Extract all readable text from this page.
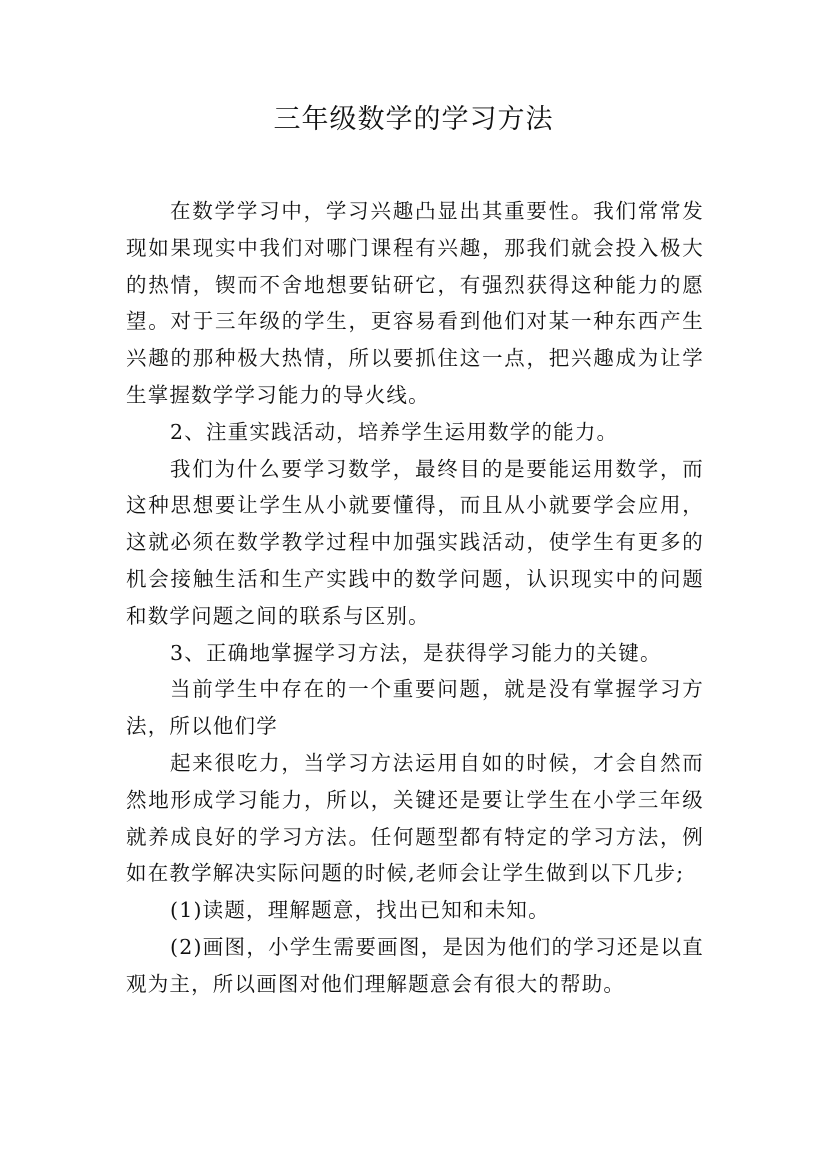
三年级数学的学习方法

在数学学习中，学习兴趣凸显出其重要性。我们常常发现如果现实中我们对哪门课程有兴趣，那我们就会投入极大的热情，锲而不舍地想要钻研它，有强烈获得这种能力的愿望。对于三年级的学生，更容易看到他们对某一种东西产生兴趣的那种极大热情，所以要抓住这一点，把兴趣成为让学生掌握数学学习能力的导火线。

2、注重实践活动，培养学生运用数学的能力。

我们为什么要学习数学，最终目的是要能运用数学，而这种思想要让学生从小就要懂得，而且从小就要学会应用，这就必须在数学教学过程中加强实践活动，使学生有更多的机会接触生活和生产实践中的数学问题，认识现实中的问题和数学问题之间的联系与区别。

3、正确地掌握学习方法，是获得学习能力的关键。

当前学生中存在的一个重要问题，就是没有掌握学习方法，所以他们学

起来很吃力，当学习方法运用自如的时候，才会自然而然地形成学习能力，所以，关键还是要让学生在小学三年级就养成良好的学习方法。任何题型都有特定的学习方法，例如在教学解决实际问题的时候,老师会让学生做到以下几步;

(1)读题，理解题意，找出已知和未知。

(2)画图，小学生需要画图，是因为他们的学习还是以直观为主，所以画图对他们理解题意会有很大的帮助。
